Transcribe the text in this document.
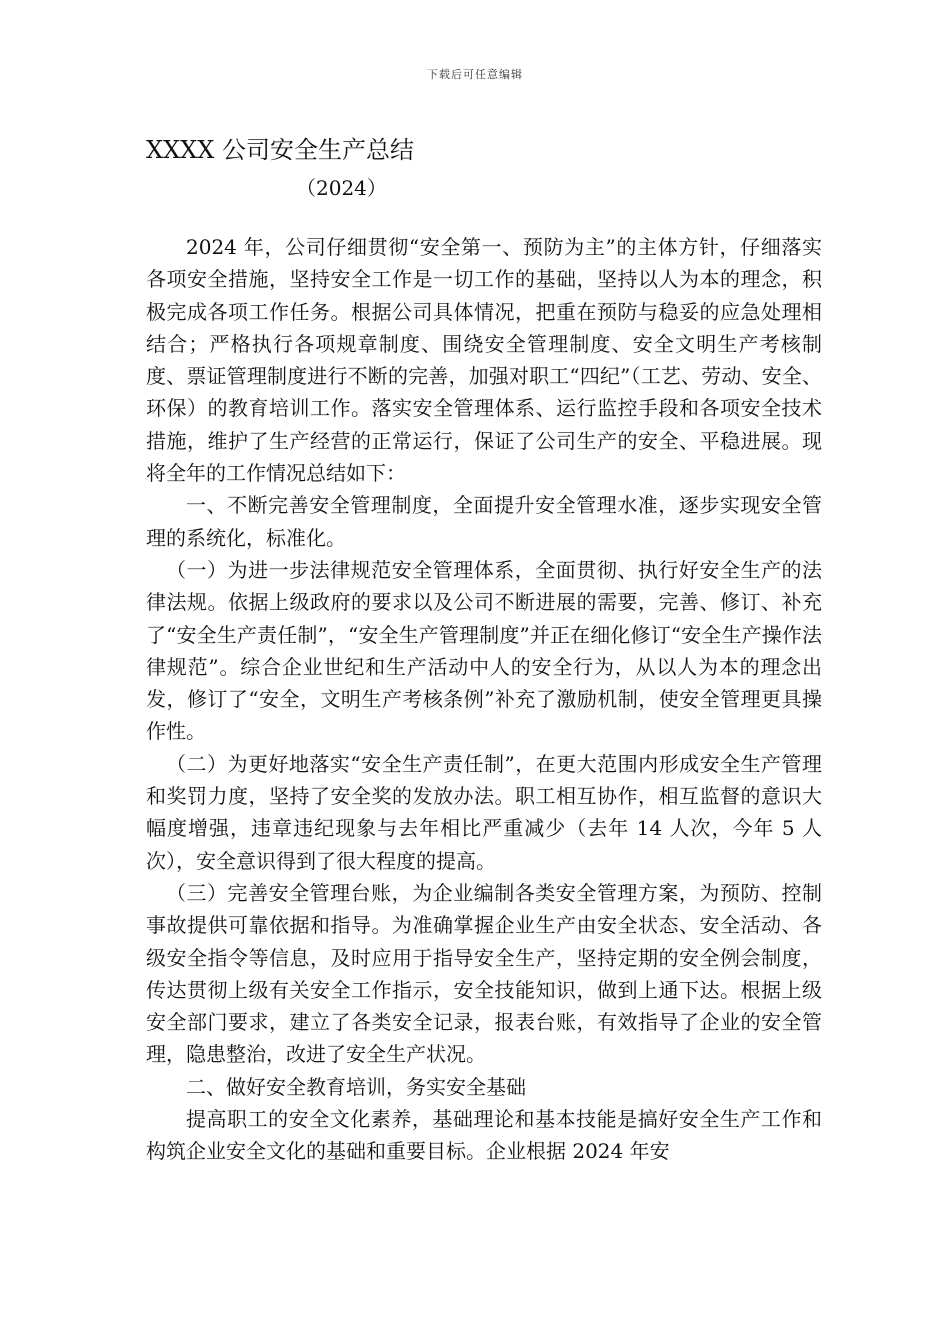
下载后可任意编辑
XXXX 公司安全生产总结
（2024）

2024 年，公司仔细贯彻“安全第一、预防为主”的主体方针，仔细落实各项安全措施，坚持安全工作是一切工作的基础，坚持以人为本的理念，积极完成各项工作任务。根据公司具体情况，把重在预防与稳妥的应急处理相结合；严格执行各项规章制度、围绕安全管理制度、安全文明生产考核制度、票证管理制度进行不断的完善，加强对职工“四纪”（工艺、劳动、安全、环保）的教育培训工作。落实安全管理体系、运行监控手段和各项安全技术措施，维护了生产经营的正常运行，保证了公司生产的安全、平稳进展。现将全年的工作情况总结如下：

一、不断完善安全管理制度，全面提升安全管理水准，逐步实现安全管理的系统化，标准化。

（一）为进一步法律规范安全管理体系，全面贯彻、执行好安全生产的法律法规。依据上级政府的要求以及公司不断进展的需要，完善、修订、补充了“安全生产责任制”，“安全生产管理制度”并正在细化修订“安全生产操作法律规范”。综合企业世纪和生产活动中人的安全行为，从以人为本的理念出发，修订了“安全，文明生产考核条例”补充了激励机制，使安全管理更具操作性。

（二）为更好地落实“安全生产责任制”，在更大范围内形成安全生产管理和奖罚力度，坚持了安全奖的发放办法。职工相互协作，相互监督的意识大幅度增强，违章违纪现象与去年相比严重减少（去年 14 人次，今年 5 人次），安全意识得到了很大程度的提高。

（三）完善安全管理台账，为企业编制各类安全管理方案，为预防、控制事故提供可靠依据和指导。为准确掌握企业生产由安全状态、安全活动、各级安全指令等信息，及时应用于指导安全生产，坚持定期的安全例会制度，传达贯彻上级有关安全工作指示，安全技能知识，做到上通下达。根据上级安全部门要求，建立了各类安全记录，报表台账，有效指导了企业的安全管理，隐患整治，改进了安全生产状况。

二、做好安全教育培训，务实安全基础

提高职工的安全文化素养，基础理论和基本技能是搞好安全生产工作和构筑企业安全文化的基础和重要目标。企业根据 2024 年安
